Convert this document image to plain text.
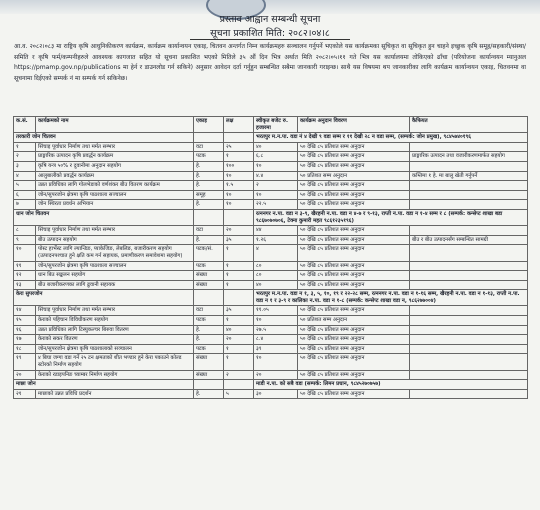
प्रस्ताव आह्वान सम्बन्धी सूचना
सूचना प्रकाशित मिति: २०८२।०४।८
आ.व. २०८२।०८३ मा राष्ट्रिय कृषि आधुनिकीकरण कार्यक्रम, कार्यक्रम कार्यान्वयन एकाइ, चितवन अन्तर्गत निम्न कार्यक्रमहरु सञ्चालन गर्नुपर्ने भएकोले यस कार्यक्रमका सूचिकृत वा सूचिकृत हुन चाहने इच्छुक कृषि समूह/सहकारी/संस्था/समिति र कृषि फर्म/कम्पनीहरुले आवश्यक कागजात सहित यो सूचना प्रकाशित भएको मितिले ३५ औं दिन भित्र अर्थात मिति २०८२।०५।११ गते भित्र यस कार्यालयमा तोकिएको ढाँचा (परियोजना कार्यान्वयन म्यानुअल https://pmamp.gov.np/publications मा हेर्न र डाउनलोड गर्न सकिने) अनुसार आवेदन दर्ता गर्नुहुन सम्बन्धित सबैमा जानकारी गराइन्छ। साथै यस विषयमा थप जानकारीका लागि कार्यक्रम कार्यान्वयन एकाइ, चितवनमा वा सूचनामा दिईएको सम्पर्क नं मा सम्पर्क गर्न सकिनेछ।
क.सं.	कार्यक्रमको नाम	एकाइ	लक्ष	स्वीकृत बजेट रु. हजारमा	कार्यक्रम अनुदान विवरण	कैफियत
तरकारी जोन चितवन				भरतपुर म.न.पा. वडा नं ४ देखी ९ वडा सम्म र ११ देखी २८ न वडा सम्म, (सम्पर्क: जोन प्रमुख), ९८४५७४०१९६		
१	सिंचाइ पूर्वाधार निर्माण तथा मर्मत सम्भार	वटा	२५	४०	५० देखि ८५ प्रतिशत सम्म अनुदान	
२	प्राङ्गारिक उत्पादन कृषि प्रवर्द्धन कार्यक्रम	पटक	१	६.८	५० देखि ८५ प्रतिशत सम्म अनुदान	प्राङ्गारिक उत्पादन तथा वजारीकरणमार्फत सहयोग
३	कृषि यन्त्र ५०% र दुवानीमा अनुदान सहयोग	हे.	१००	१०	५० देखि ८५ प्रतिशत सम्म अनुदान	
४	आलुबालीको प्रवर्द्धन कार्यक्रम	हे.	१०	४.४	५० प्रतिशत सम्म अनुदान	कम्तिमा १ हे. मा बालु खेती गर्नुपर्ने
५	उन्नत प्रविधिका लागि गोलभेडाको वर्णशंकर बीउ वितरण कार्यक्रम	हे.	१.५	२	५० देखि ८५ प्रतिशत सम्म अनुदान	
६	जोन/सुपरजोन क्षेत्रमा कृषि पाठशाला सञ्चालन	समूह	१०	१०	५० देखि ८५ प्रतिशत सम्म अनुदान	
७	जोन स्थिरता प्रवर्धन अभियान	हे.	१०	२२.५	५० देखि ८५ प्रतिशत सम्म अनुदान	
धान जोन चितवन				रत्ननगर न.पा. वडा न ३-९, खैरहनी न.पा. वडा न ४-७ र ९-१३, राप्ती न.पा. वडा न १-४ सम्म र ८ (सम्पर्क: कन्सेप्ट शाखा बडा ९८६७०७०७०६, टेक्ना कुमारी महत ९८६१२३५१९६)		
८	सिंचाइ पूर्वाधार निर्माण तथा मर्मत सम्भार	वटा	२०	४४	५० देखि ८५ प्रतिशत सम्म अनुदान	
९	बीउ उत्पादन सहयोग	हे.	३५	१.२६	५० देखि ८५ प्रतिशत सम्म अनुदान	बीउ र बीउ उत्पादनसँग सम्बन्धित सामग्री
१०	पोस्ट हार्भेस्ट लागि ल्यान्डिङ, प्याकेजिङ, लेबलिङ, बजारीकरण सहयोग (उत्पादनपश्चात हुने क्षति कम गर्न सहायक, प्रमाणीकरण समावेशमा सहयोग)	पटक/सं.	१	४	५० देखि ८५ प्रतिशत सम्म अनुदान	
११	जोन/सुपरजोन क्षेत्रमा कृषि पाठशाला सञ्चालन	पटक	१	८०	५० देखि ८५ प्रतिशत सम्म अनुदान	
१२	धान बिउ सङ्कलन सहयोग	संख्या	१	८०	५० देखि ८५ प्रतिशत सम्म अनुदान	
१३	बीउ बजारीकरणका लागि ढुवानी सहायक	संख्या	१	४०	५० देखि ८५ प्रतिशत सम्म अनुदान	
केरा सुपरजोन				भरतपुर म.न.पा. वडा न १, ३, ५, १०, १९ र २२-२८ सम्म, रत्ननगर न.पा. वडा न १-१६ सम्म, खैरहनी न.पा. वडा न १-१३, राप्ती न.पा. वडा न १ र ३-९ र कालिका न.पा. वडा न १-८ (सम्पर्क: कन्सेप्ट शाखा वडा न, ९८६२७७००४)		
१४	सिंचाइ पूर्वाधार निर्माण तथा मर्मत सम्भार	वटा	३५	११.०५	५० देखि ८५ प्रतिशत सम्म अनुदान	
१५	केराको पहिचान विविधीकरण सहयोग	पटक	१	१०	५० प्रतिशत सम्म अनुदान	
१६	उन्नत प्रविधिका लागि टिस्युकल्चर बिरुवा वितरण	हे.	४०	२७.५	५० देखि ८५ प्रतिशत सम्म अनुदान	
१७	केराको सकर वितरण	हे.	२०	८.४	५० देखि ८५ प्रतिशत सम्म अनुदान	
१८	जोन/सुपरजोन क्षेत्रमा कृषि पाठशालाको सञ्चालन	पटक	१	३९	५० देखि ८५ प्रतिशत सम्म अनुदान	
१९	४ बिघा जग्गा वडा गर्ने २५ टन क्षमताको शीत भण्डार हुने केरा पकाउने कोल्ड स्टोरको निर्माण सहयोग	संख्या	१	१०	५० देखि ८५ प्रतिशत सम्म अनुदान	
२०	केराको रडाइपनिङ च्याम्बर निर्माण सहयोग	संख्या	२	२०	५० देखि ८५ प्रतिशत सम्म अनुदान	
माछा जोन				माडी न.पा. को सबै वडा (सम्पर्क: लिमन प्रधान, ९८४५२७०७५७)		
२१	माछाको उन्नत प्रविधि प्रदर्शन	हे.	५	३०	५० देखि ८५ प्रतिशत सम्म अनुदान	
